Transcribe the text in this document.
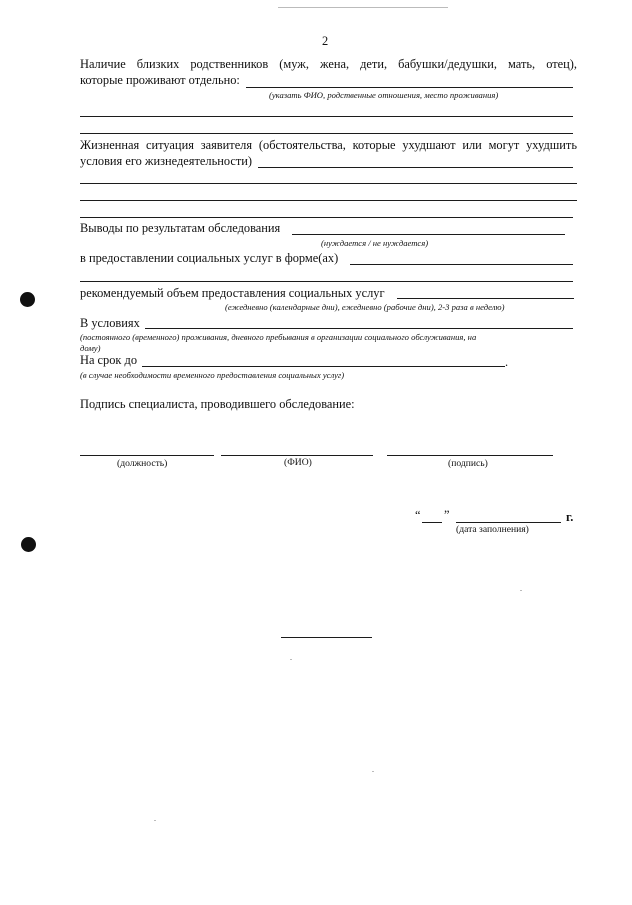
2
Наличие близких родственников (муж, жена, дети, бабушки/дедушки, мать, отец),
которые проживают отдельно:
(указать ФИО, родственные отношения, место проживания)
Жизненная ситуация заявителя (обстоятельства, которые ухудшают или могут ухудшить
условия его жизнедеятельности)
Выводы по результатам обследования
(нуждается / не нуждается)
в предоставлении социальных услуг в форме(ах)
рекомендуемый объем предоставления социальных услуг
(ежедневно (календарные дни), ежедневно (рабочие дни), 2-3 раза в неделю)
В условиях
(постоянного (временного) проживания, дневного пребывания в организации социального обслуживания, на
дому)
На срок до	.
(в случае необходимости временного предоставления социальных услуг)
Подпись специалиста, проводившего обследование:
(должность)	(ФИО)	(подпись)
“ ”	г.
(дата заполнения)
